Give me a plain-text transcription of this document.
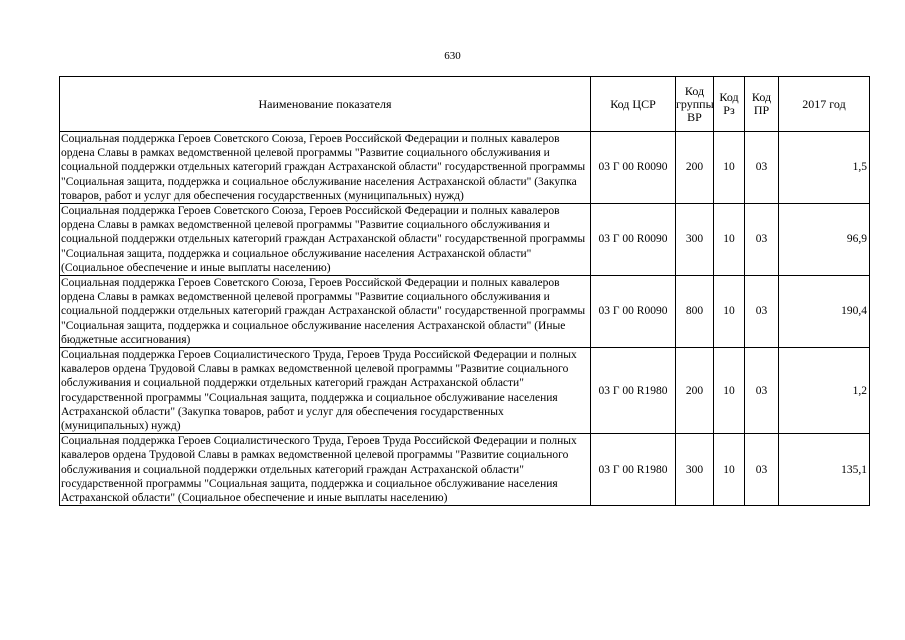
630
Наименование показателя	Код ЦСР	Код группы ВР	Код Рз	Код ПР	2017 год
Социальная поддержка Героев Советского Союза, Героев Российской Федерации и полных кавалеров ордена Славы в рамках ведомственной целевой программы "Развитие социального обслуживания и социальной поддержки отдельных категорий граждан Астраханской области" государственной программы "Социальная защита, поддержка и социальное обслуживание населения Астраханской области" (Закупка товаров, работ и услуг для обеспечения государственных (муниципальных) нужд)	03 Г 00 R0090	200	10	03	1,5
Социальная поддержка Героев Советского Союза, Героев Российской Федерации и полных кавалеров ордена Славы в рамках ведомственной целевой программы "Развитие социального обслуживания и социальной поддержки отдельных категорий граждан Астраханской области" государственной программы "Социальная защита, поддержка и социальное обслуживание населения Астраханской области" (Социальное обеспечение и иные выплаты населению)	03 Г 00 R0090	300	10	03	96,9
Социальная поддержка Героев Советского Союза, Героев Российской Федерации и полных кавалеров ордена Славы в рамках ведомственной целевой программы "Развитие социального обслуживания и социальной поддержки отдельных категорий граждан Астраханской области" государственной программы "Социальная защита, поддержка и социальное обслуживание населения Астраханской области" (Иные бюджетные ассигнования)	03 Г 00 R0090	800	10	03	190,4
Социальная поддержка Героев Социалистического Труда, Героев Труда Российской Федерации и полных кавалеров ордена Трудовой Славы в рамках ведомственной целевой программы "Развитие социального обслуживания и социальной поддержки отдельных категорий граждан Астраханской области" государственной программы "Социальная защита, поддержка и социальное обслуживание населения Астраханской области" (Закупка товаров, работ и услуг для обеспечения государственных (муниципальных) нужд)	03 Г 00 R1980	200	10	03	1,2
Социальная поддержка Героев Социалистического Труда, Героев Труда Российской Федерации и полных кавалеров ордена Трудовой Славы в рамках ведомственной целевой программы "Развитие социального обслуживания и социальной поддержки отдельных категорий граждан Астраханской области" государственной программы "Социальная защита, поддержка и социальное обслуживание населения Астраханской области" (Социальное обеспечение и иные выплаты населению)	03 Г 00 R1980	300	10	03	135,1
